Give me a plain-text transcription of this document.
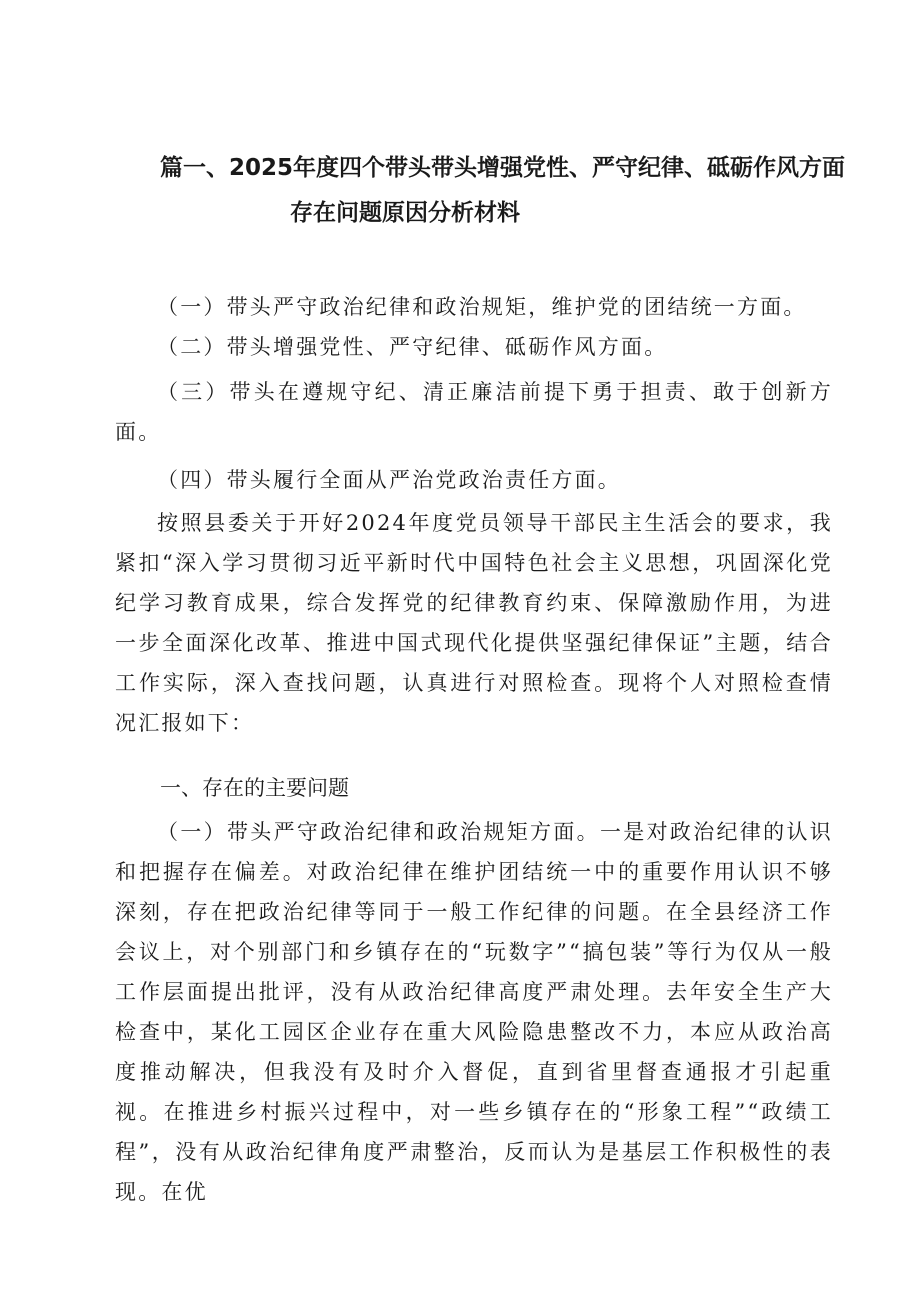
篇一、2025年度四个带头带头增强党性、严守纪律、砥砺作风方面
存在问题原因分析材料
（一）带头严守政治纪律和政治规矩，维护党的团结统一方面。
（二）带头增强党性、严守纪律、砥砺作风方面。
（三）带头在遵规守纪、清正廉洁前提下勇于担责、敢于创新方面。
（四）带头履行全面从严治党政治责任方面。
按照县委关于开好2024年度党员领导干部民主生活会的要求，我紧扣“深入学习贯彻习近平新时代中国特色社会主义思想，巩固深化党纪学习教育成果，综合发挥党的纪律教育约束、保障激励作用，为进一步全面深化改革、推进中国式现代化提供坚强纪律保证”主题，结合工作实际，深入查找问题，认真进行对照检查。现将个人对照检查情况汇报如下：
一、存在的主要问题
（一）带头严守政治纪律和政治规矩方面。一是对政治纪律的认识和把握存在偏差。对政治纪律在维护团结统一中的重要作用认识不够深刻，存在把政治纪律等同于一般工作纪律的问题。在全县经济工作会议上，对个别部门和乡镇存在的“玩数字”“搞包装”等行为仅从一般工作层面提出批评，没有从政治纪律高度严肃处理。去年安全生产大检查中，某化工园区企业存在重大风险隐患整改不力，本应从政治高度推动解决，但我没有及时介入督促，直到省里督查通报才引起重视。在推进乡村振兴过程中，对一些乡镇存在的“形象工程”“政绩工程”，没有从政治纪律角度严肃整治，反而认为是基层工作积极性的表现。在优
